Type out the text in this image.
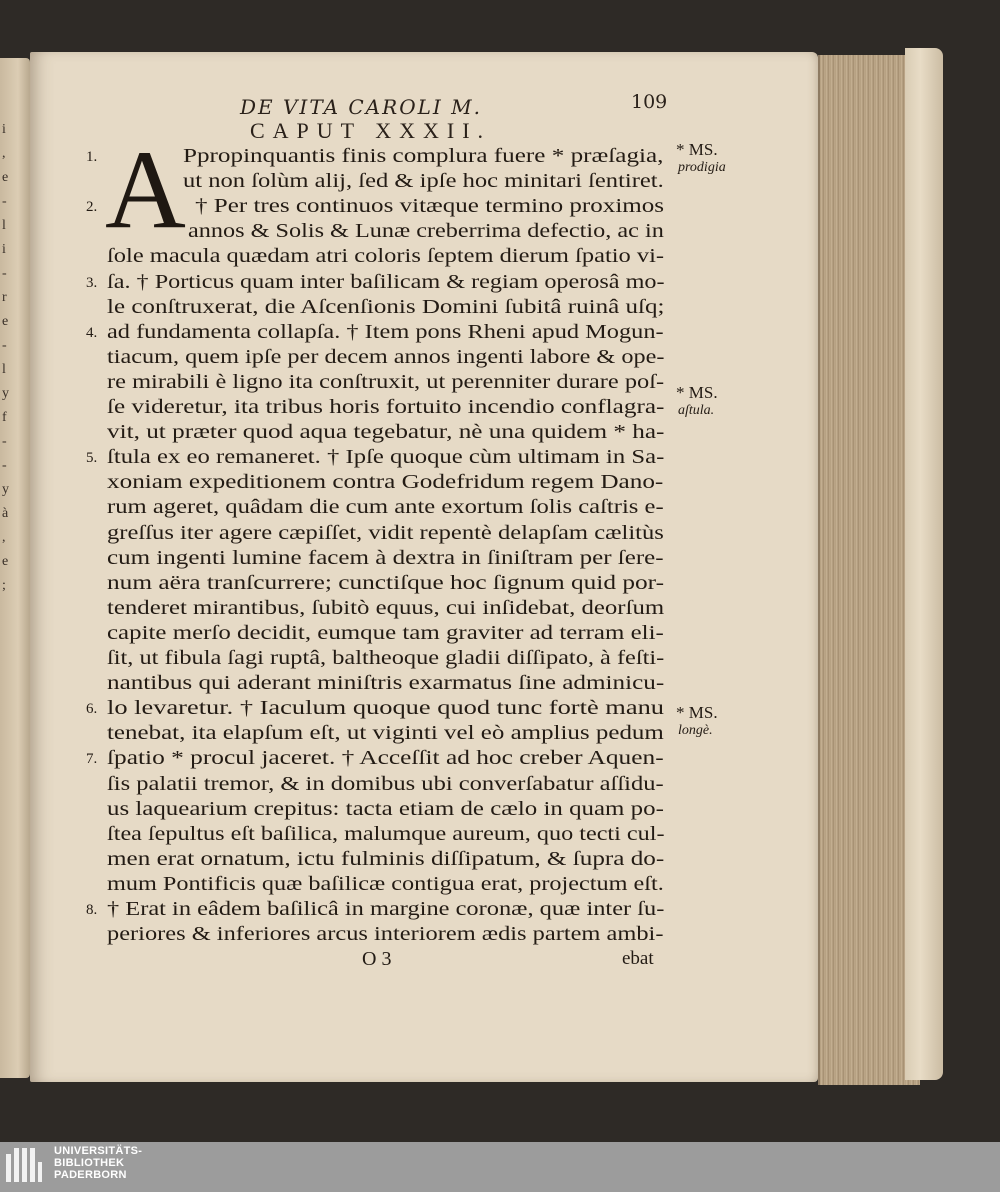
i
,
e
-
l
i
-
r
e
-
l
y
f
-
-
y
à
,
e
;
DE VITA CAROLI M.	109
CAPUT XXXII.
A
Ppropinquantis finis complura fuere * præſagia,
ut non ſolùm alij, ſed & ipſe hoc minitari ſentiret.
† Per tres continuos vitæque termino proximos
annos & Solis & Lunæ creberrima defectio, ac in
ſole macula quædam atri coloris ſeptem dierum ſpatio vi-
ſa. † Porticus quam inter baſilicam & regiam operosâ mo-
le conſtruxerat, die Aſcenſionis Domini ſubitâ ruinâ uſq;
ad fundamenta collapſa. † Item pons Rheni apud Mogun-
tiacum, quem ipſe per decem annos ingenti labore & ope-
re mirabili è ligno ita conſtruxit, ut perenniter durare poſ-
ſe videretur, ita tribus horis fortuito incendio conflagra-
vit, ut præter quod aqua tegebatur, nè una quidem * ha-
ſtula ex eo remaneret. † Ipſe quoque cùm ultimam in Sa-
xoniam expeditionem contra Godefridum regem Dano-
rum ageret, quâdam die cum ante exortum ſolis caſtris e-
greſſus iter agere cæpiſſet, vidit repentè delapſam cælitùs
cum ingenti lumine facem à dextra in ſiniſtram per ſere-
num aëra tranſcurrere; cunctiſque hoc ſignum quid por-
tenderet mirantibus, ſubitò equus, cui inſidebat, deorſum
capite merſo decidit, eumque tam graviter ad terram eli-
ſit, ut fibula ſagi ruptâ, baltheoque gladii diſſipato, à feſti-
nantibus qui aderant miniſtris exarmatus ſine adminicu-
lo levaretur. † Iaculum quoque quod tunc fortè manu
tenebat, ita elapſum eſt, ut viginti vel eò amplius pedum
ſpatio * procul jaceret. † Acceſſit ad hoc creber Aquen-
ſis palatii tremor, & in domibus ubi converſabatur aſſidu-
us laquearium crepitus: tacta etiam de cælo in quam po-
ſtea ſepultus eſt baſilica, malumque aureum, quo tecti cul-
men erat ornatum, ictu fulminis diſſipatum, & ſupra do-
mum Pontificis quæ baſilicæ contigua erat, projectum eſt.
† Erat in eâdem baſilicâ in margine coronæ, quæ inter ſu-
periores & inferiores arcus interiorem ædis partem ambi-
1.
2.
3.
4.
5.
6.
7.
8.
* MS.
prodigia
* MS.
aſtula.
* MS.
longè.
O 3	ebat
UNIVERSITÄTS-
BIBLIOTHEK
PADERBORN
